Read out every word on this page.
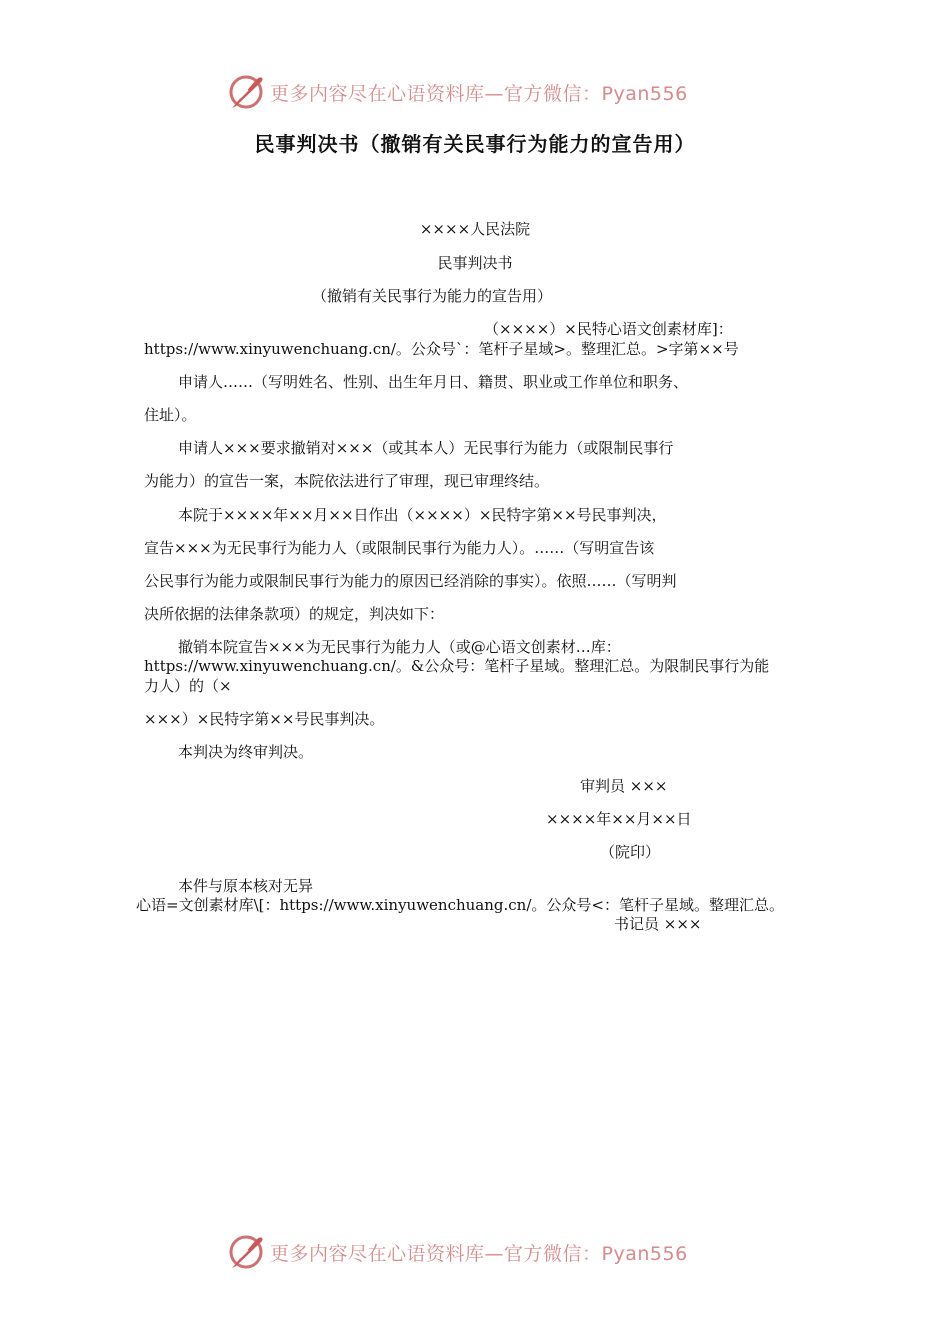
更多内容尽在心语资料库—官方微信：Pyan556
民事判决书（撤销有关民事行为能力的宣告用）
××××人民法院
民事判决书
（撤销有关民事行为能力的宣告用）
（××××）×民特心语文创素材库]：
https://www.xinyuwenchuang.cn/。公众号`：笔杆子星域>。整理汇总。>字第××号
申请人……（写明姓名、性别、出生年月日、籍贯、职业或工作单位和职务、
住址）。
申请人×××要求撤销对×××（或其本人）无民事行为能力（或限制民事行
为能力）的宣告一案，本院依法进行了审理，现已审理终结。
本院于××××年××月××日作出（××××）×民特字第××号民事判决，
宣告×××为无民事行为能力人（或限制民事行为能力人）。……（写明宣告该
公民事行为能力或限制民事行为能力的原因已经消除的事实）。依照……（写明判
决所依据的法律条款项）的规定，判决如下：
撤销本院宣告×××为无民事行为能力人（或@心语文创素材…库：
https://www.xinyuwenchuang.cn/。&公众号：笔杆子星域。整理汇总。为限制民事行为能
力人）的（×
×××）×民特字第××号民事判决。
本判决为终审判决。
审判员 ×××
××××年××月××日
（院印）
本件与原本核对无异
心语=文创素材库\[：https://www.xinyuwenchuang.cn/。公众号<：笔杆子星域。整理汇总。
书记员 ×××
更多内容尽在心语资料库—官方微信：Pyan556
